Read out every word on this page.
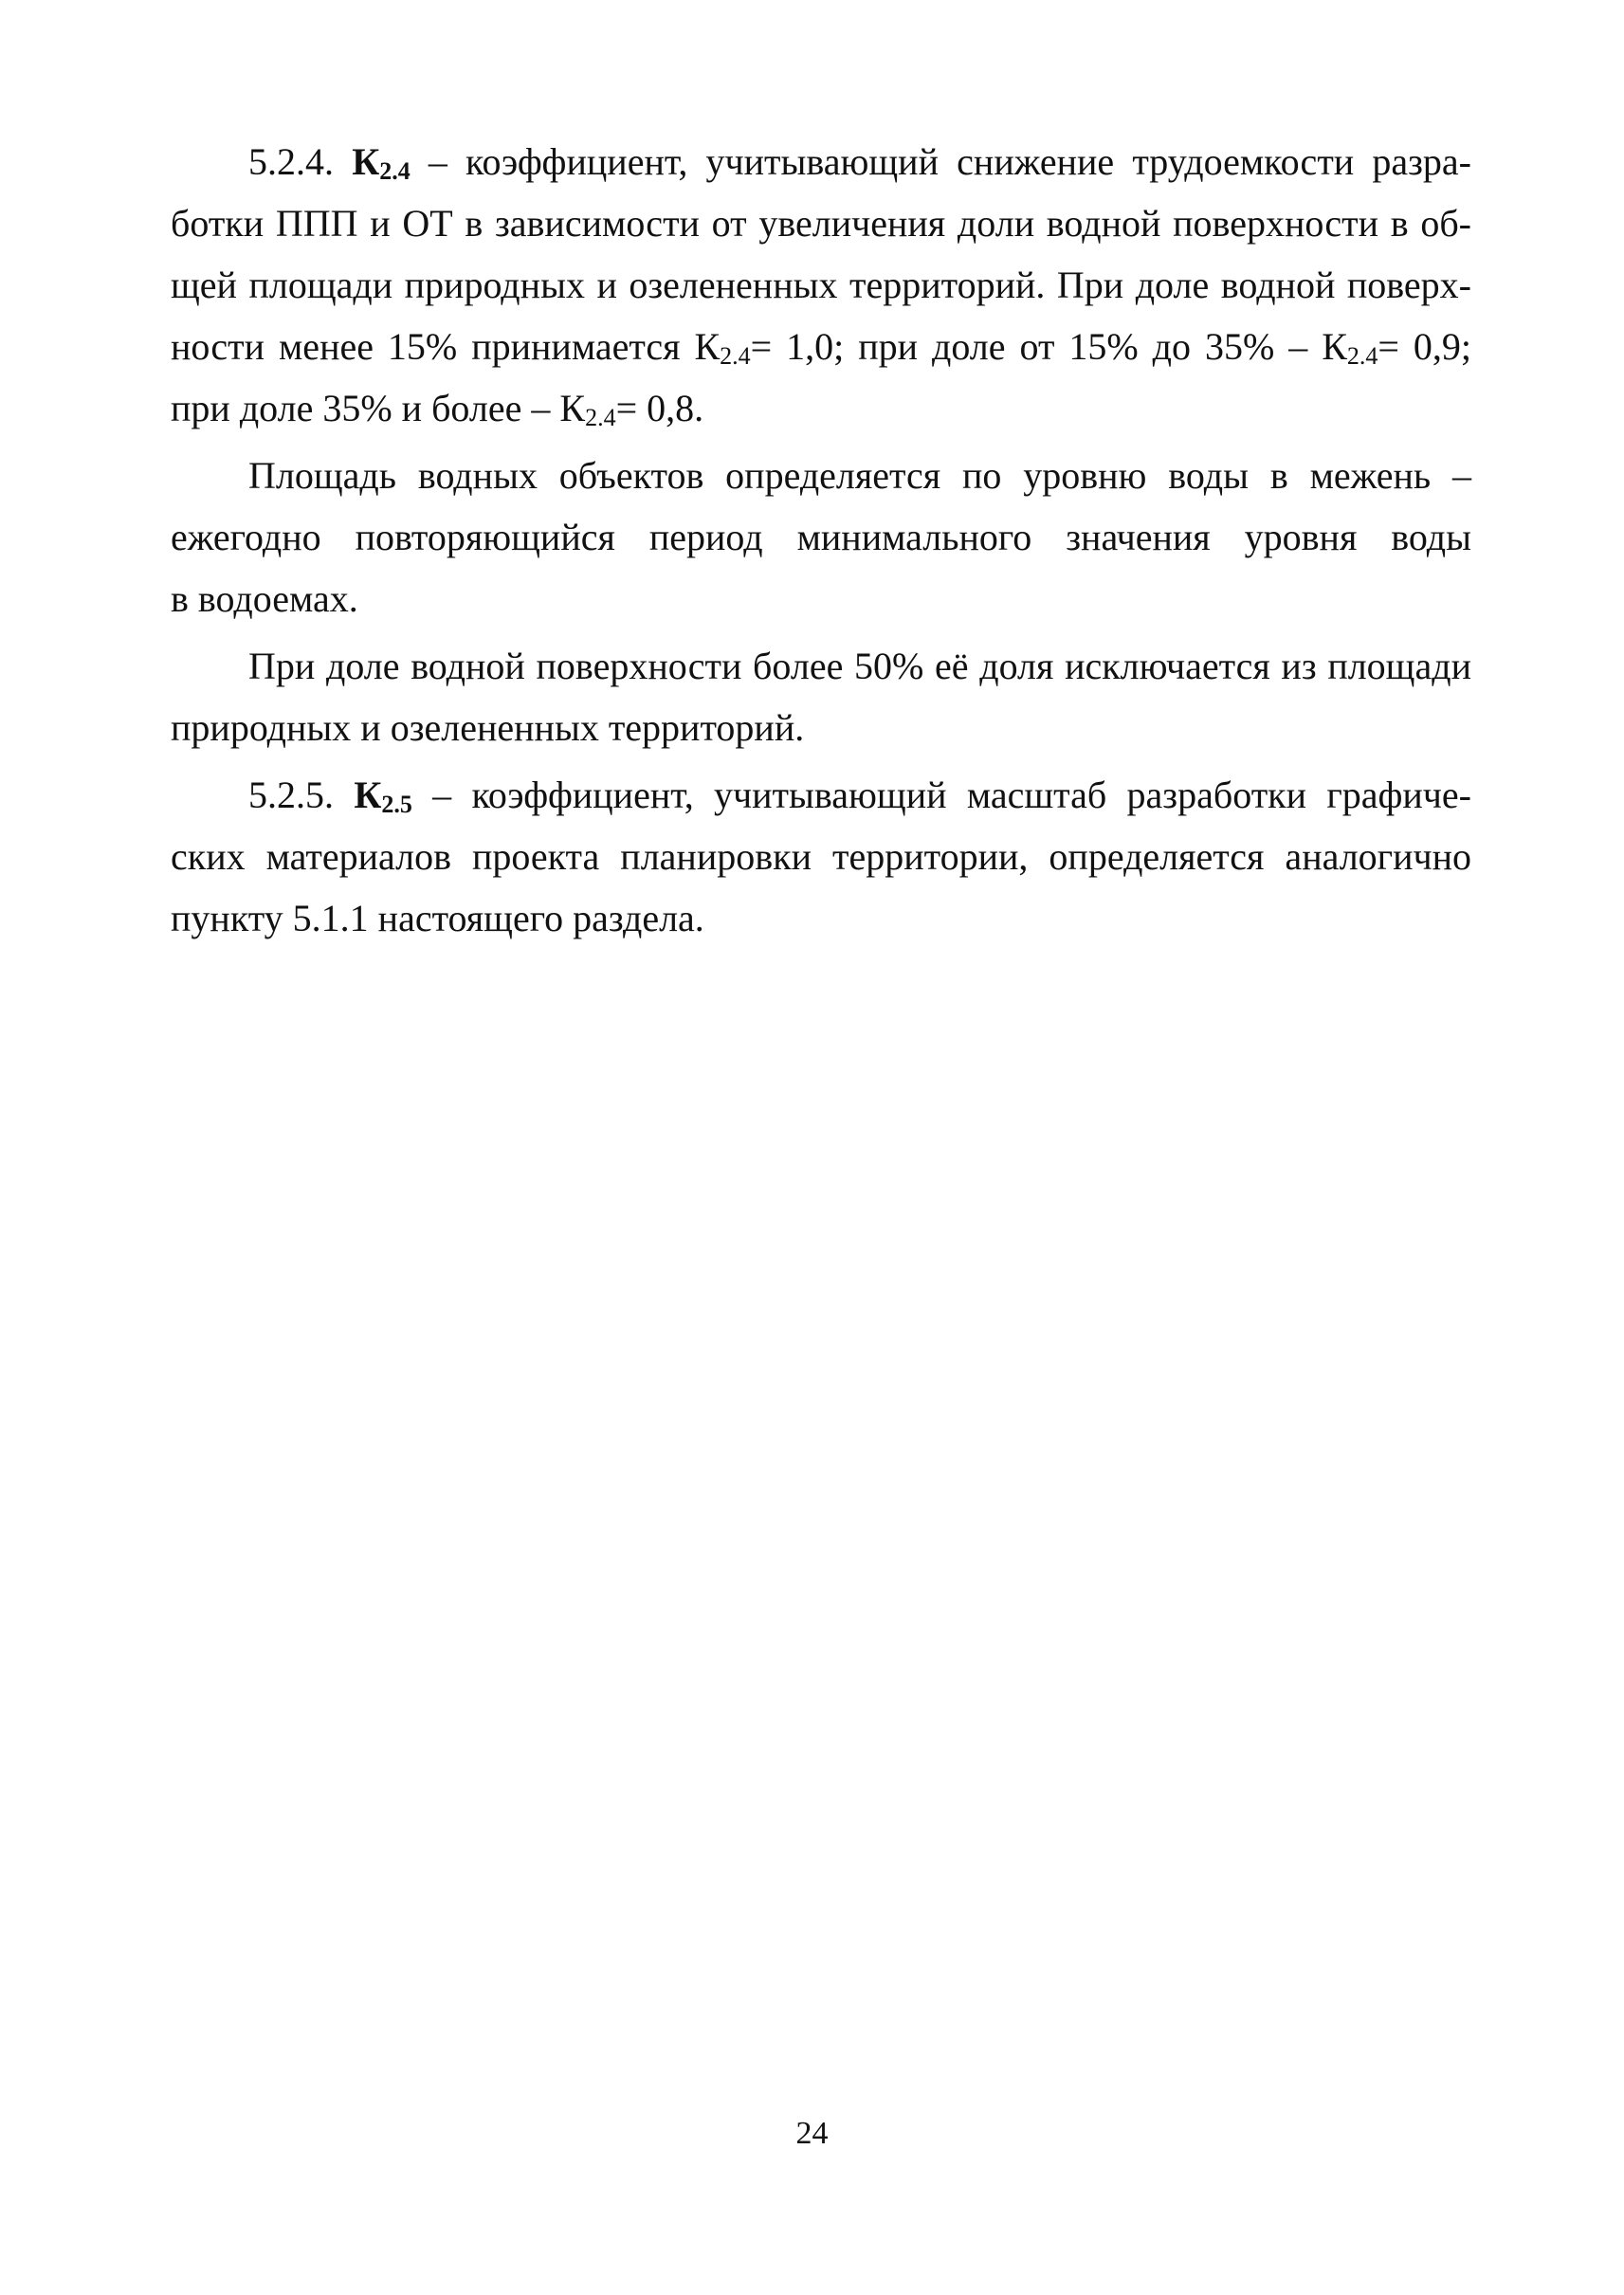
5.2.4. $К_{2.4}$ – коэффициент, учитывающий снижение трудоемкости разра-
ботки ППП и ОТ в зависимости от увеличения доли водной поверхности в об-
щей площади природных и озелененных территорий. При доле водной поверх-
ности менее 15% принимается $К_{2.4}= 1,0$; при доле от 15% до $35\% - К_{2.4}= 0,9$;
при доле 35% и более – $К_{2.4}= 0,8$.
Площадь водных объектов определяется по уровню воды в межень –
ежегодно повторяющийся период минимального значения уровня воды
в водоемах.
При доле водной поверхности более 50% её доля исключается из площади
природных и озелененных территорий.
5.2.5. $К_{2.5}$ – коэффициент, учитывающий масштаб разработки графиче-
ских материалов проекта планировки территории, определяется аналогично
пункту 5.1.1 настоящего раздела.
24
